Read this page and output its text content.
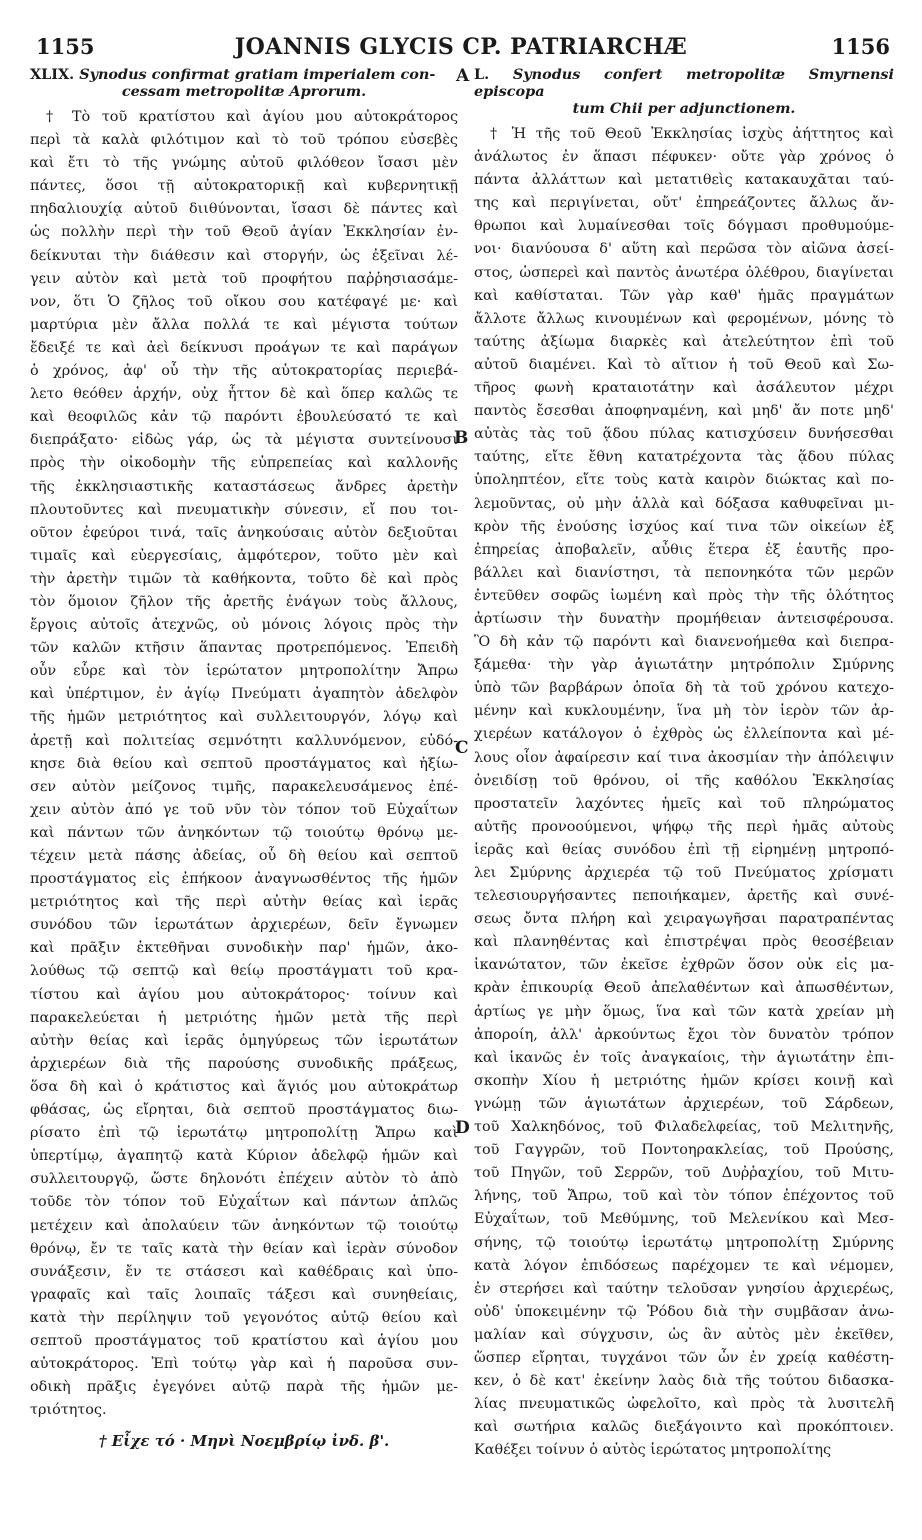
1155	JOANNIS GLYCIS CP. PATRIARCHÆ	1156
XLIX. Synodus confirmat gratiam imperialem con-
cessam metropolitæ Aprorum.
† Τὸ τοῦ κρατίστου καὶ ἁγίου μου αὐτοκράτορος
περὶ τὰ καλὰ φιλότιμον καὶ τὸ τοῦ τρόπου εὐσεβὲς
καὶ ἔτι τὸ τῆς γνώμης αὐτοῦ φιλόθεον ἴσασι μὲν
πάντες, ὅσοι τῇ αὐτοκρατορικῇ καὶ κυβερνητικῇ
πηδαλιουχίᾳ αὐτοῦ διιθύνονται, ἴσασι δὲ πάντες καὶ
ὡς πολλὴν περὶ τὴν τοῦ Θεοῦ ἁγίαν Ἐκκλησίαν ἐν-
δείκνυται τὴν διάθεσιν καὶ στοργήν, ὡς ἐξεῖναι λέ-
γειν αὐτὸν καὶ μετὰ τοῦ προφήτου παῤῥησιασάμε-
νον, ὅτι Ὁ ζῆλος τοῦ οἴκου σου κατέφαγέ με· καὶ
μαρτύρια μὲν ἄλλα πολλά τε καὶ μέγιστα τούτων
ἔδειξέ τε καὶ ἀεὶ δείκνυσι προάγων τε καὶ παράγων
ὁ χρόνος, ἀφ' οὗ τὴν τῆς αὐτοκρατορίας περιεβά-
λετο θεόθεν ἀρχήν, οὐχ ἧττον δὲ καὶ ὅπερ καλῶς τε
καὶ θεοφιλῶς κἀν τῷ παρόντι ἐβουλεύσατό τε καὶ
διεπράξατο· εἰδὼς γάρ, ὡς τὰ μέγιστα συντείνουσι
πρὸς τὴν οἰκοδομὴν τῆς εὐπρεπείας καὶ καλλονῆς
τῆς ἐκκλησιαστικῆς καταστάσεως ἄνδρες ἀρετὴν
πλουτοῦντες καὶ πνευματικὴν σύνεσιν, εἴ που τοι-
οῦτον ἐφεύροι τινά, ταῖς ἀνηκούσαις αὐτὸν δεξιοῦται
τιμαῖς καὶ εὐεργεσίαις, ἀμφότερον, τοῦτο μὲν καὶ
τὴν ἀρετὴν τιμῶν τὰ καθήκοντα, τοῦτο δὲ καὶ πρὸς
τὸν ὅμοιον ζῆλον τῆς ἀρετῆς ἐνάγων τοὺς ἄλλους,
ἔργοις αὐτοῖς ἀτεχνῶς, οὐ μόνοις λόγοις πρὸς τὴν
τῶν καλῶν κτῆσιν ἅπαντας προτρεπόμενος. Ἐπειδὴ
οὖν εὗρε καὶ τὸν ἱερώτατον μητροπολίτην Ἄπρω
καὶ ὑπέρτιμον, ἐν ἁγίῳ Πνεύματι ἀγαπητὸν ἀδελφὸν
τῆς ἡμῶν μετριότητος καὶ συλλειτουργόν, λόγῳ καὶ
ἀρετῇ καὶ πολιτείας σεμνότητι καλλυνόμενον, εὐδό-
κησε διὰ θείου καὶ σεπτοῦ προστάγματος καὶ ἠξίω-
σεν αὐτὸν μείζονος τιμῆς, παρακελευσάμενος ἐπέ-
χειν αὐτὸν ἀπό γε τοῦ νῦν τὸν τόπον τοῦ Εὐχαΐτων
καὶ πάντων τῶν ἀνηκόντων τῷ τοιούτῳ θρόνῳ με-
τέχειν μετὰ πάσης ἀδείας, οὗ δὴ θείου καὶ σεπτοῦ
προστάγματος εἰς ἐπήκοον ἀναγνωσθέντος τῆς ἡμῶν
μετριότητος καὶ τῆς περὶ αὐτὴν θείας καὶ ἱερᾶς
συνόδου τῶν ἱερωτάτων ἀρχιερέων, δεῖν ἔγνωμεν
καὶ πρᾶξιν ἐκτεθῆναι συνοδικὴν παρ' ἡμῶν, ἀκο-
λούθως τῷ σεπτῷ καὶ θείῳ προστάγματι τοῦ κρα-
τίστου καὶ ἁγίου μου αὐτοκράτορος· τοίνυν καὶ
παρακελεύεται ἡ μετριότης ἡμῶν μετὰ τῆς περὶ
αὐτὴν θείας καὶ ἱερᾶς ὁμηγύρεως τῶν ἱερωτάτων
ἀρχιερέων διὰ τῆς παρούσης συνοδικῆς πράξεως,
ὅσα δὴ καὶ ὁ κράτιστος καὶ ἅγιός μου αὐτοκράτωρ
φθάσας, ὡς εἴρηται, διὰ σεπτοῦ προστάγματος διω-
ρίσατο ἐπὶ τῷ ἱερωτάτῳ μητροπολίτῃ Ἄπρω καὶ
ὑπερτίμῳ, ἀγαπητῷ κατὰ Κύριον ἀδελφῷ ἡμῶν καὶ
συλλειτουργῷ, ὥστε δηλονότι ἐπέχειν αὐτὸν τὸ ἀπὸ
τοῦδε τὸν τόπον τοῦ Εὐχαΐτων καὶ πάντων ἁπλῶς
μετέχειν καὶ ἀπολαύειν τῶν ἀνηκόντων τῷ τοιούτῳ
θρόνῳ, ἔν τε ταῖς κατὰ τὴν θείαν καὶ ἱερὰν σύνοδον
συνάξεσιν, ἔν τε στάσεσι καὶ καθέδραις καὶ ὑπο-
γραφαῖς καὶ ταῖς λοιπαῖς τάξεσι καὶ συνηθείαις,
κατὰ τὴν περίληψιν τοῦ γεγονότος αὐτῷ θείου καὶ
σεπτοῦ προστάγματος τοῦ κρατίστου καὶ ἁγίου μου
αὐτοκράτορος. Ἐπὶ τούτῳ γὰρ καὶ ἡ παροῦσα συν-
οδικὴ πρᾶξις ἐγεγόνει αὐτῷ παρὰ τῆς ἡμῶν με-
τριότητος.
† Εἶχε τό · Μηνὶ Νοεμβρίῳ ἰνδ. β'.
L. Synodus confert metropolitæ Smyrnensi episcopa
tum Chii per adjunctionem.
† Ἡ τῆς τοῦ Θεοῦ Ἐκκλησίας ἰσχὺς ἀήττητος καὶ
ἀνάλωτος ἐν ἅπασι πέφυκεν· οὔτε γὰρ χρόνος ὁ
πάντα ἀλλάττων καὶ μετατιθεὶς κατακαυχᾶται ταύ-
της καὶ περιγίνεται, οὔτ' ἐπηρεάζοντες ἄλλως ἄν-
θρωποι καὶ λυμαίνεσθαι τοῖς δόγμασι προθυμούμε-
νοι· διανύουσα δ' αὕτη καὶ περῶσα τὸν αἰῶνα ἀσεί-
στος, ὡσπερεὶ καὶ παντὸς ἀνωτέρα ὀλέθρου, διαγίνεται
καὶ καθίσταται. Τῶν γὰρ καθ' ἡμᾶς πραγμάτων
ἄλλοτε ἄλλως κινουμένων καὶ φερομένων, μόνης τὸ
ταύτης ἀξίωμα διαρκὲς καὶ ἀτελεύτητον ἐπὶ τοῦ
αὐτοῦ διαμένει. Καὶ τὸ αἴτιον ἡ τοῦ Θεοῦ καὶ Σω-
τῆρος φωνὴ κραταιοτάτην καὶ ἀσάλευτον μέχρι
παντὸς ἔσεσθαι ἀποφηναμένη, καὶ μηδ' ἄν ποτε μηδ'
αὐτὰς τὰς τοῦ ᾅδου πύλας κατισχύσειν δυνήσεσθαι
ταύτης, εἴτε ἔθνη κατατρέχοντα τὰς ᾅδου πύλας
ὑποληπτέον, εἴτε τοὺς κατὰ καιρὸν διώκτας καὶ πο-
λεμοῦντας, οὐ μὴν ἀλλὰ καὶ δόξασα καθυφεῖναι μι-
κρὸν τῆς ἑνούσης ἰσχύος καί τινα τῶν οἰκείων ἐξ
ἐπηρείας ἀποβαλεῖν, αὖθις ἕτερα ἐξ ἑαυτῆς προ-
βάλλει καὶ διανίστησι, τὰ πεπονηκότα τῶν μερῶν
ἐντεῦθεν σοφῶς ἰωμένη καὶ πρὸς τὴν τῆς ὁλότητος
ἀρτίωσιν τὴν δυνατὴν προμήθειαν ἀντεισφέρουσα.
Ὃ δὴ κἀν τῷ παρόντι καὶ διανενοήμεθα καὶ διεπρα-
ξάμεθα· τὴν γὰρ ἁγιωτάτην μητρόπολιν Σμύρνης
ὑπὸ τῶν βαρβάρων ὁποῖα δὴ τὰ τοῦ χρόνου κατεχο-
μένην καὶ κυκλουμένην, ἵνα μὴ τὸν ἱερὸν τῶν ἀρ-
χιερέων κατάλογον ὁ ἐχθρὸς ὡς ἐλλείποντα καὶ μέ-
λους οἷον ἀφαίρεσιν καί τινα ἀκοσμίαν τὴν ἀπόλειψιν
ὀνειδίσῃ τοῦ θρόνου, οἱ τῆς καθόλου Ἐκκλησίας
προστατεῖν λαχόντες ἡμεῖς καὶ τοῦ πληρώματος
αὐτῆς προνοούμενοι, ψήφῳ τῆς περὶ ἡμᾶς αὐτοὺς
ἱερᾶς καὶ θείας συνόδου ἐπὶ τῇ εἰρημένῃ μητροπό-
λει Σμύρνης ἀρχιερέα τῷ τοῦ Πνεύματος χρίσματι
τελεσιουργήσαντες πεποιήκαμεν, ἀρετῆς καὶ συνέ-
σεως ὄντα πλήρη καὶ χειραγωγῆσαι παρατραπέντας
καὶ πλανηθέντας καὶ ἐπιστρέψαι πρὸς θεοσέβειαν
ἱκανώτατον, τῶν ἐκεῖσε ἐχθρῶν ὅσον οὐκ εἰς μα-
κρὰν ἐπικουρίᾳ Θεοῦ ἀπελαθέντων καὶ ἀπωσθέντων,
ἀρτίως γε μὴν ὅμως, ἵνα καὶ τῶν κατὰ χρείαν μὴ
ἀπορoίη, ἀλλ' ἀρκούντως ἔχοι τὸν δυνατὸν τρόπον
καὶ ἱκανῶς ἐν τοῖς ἀναγκαίοις, τὴν ἁγιωτάτην ἐπι-
σκοπὴν Χίου ἡ μετριότης ἡμῶν κρίσει κοινῇ καὶ
γνώμῃ τῶν ἁγιωτάτων ἀρχιερέων, τοῦ Σάρδεων,
τοῦ Χαλκηδόνος, τοῦ Φιλαδελφείας, τοῦ Μελιτηνῆς,
τοῦ Γαγγρῶν, τοῦ Ποντοηρακλείας, τοῦ Προύσης,
τοῦ Πηγῶν, τοῦ Σερρῶν, τοῦ Δυῤῥαχίου, τοῦ Μιτυ-
λήνης, τοῦ Ἄπρω, τοῦ καὶ τὸν τόπον ἐπέχοντος τοῦ
Εὐχαΐτων, τοῦ Μεθύμνης, τοῦ Μελενίκου καὶ Μεσ-
σήνης, τῷ τοιούτῳ ἱερωτάτῳ μητροπολίτῃ Σμύρνης
κατὰ λόγον ἐπιδόσεως παρέχομεν τε καὶ νέμομεν,
ἐν στερήσει καὶ ταύτην τελοῦσαν γνησίου ἀρχιερέως,
οὐδ' ὑποκειμένην τῷ Ῥόδου διὰ τὴν συμβᾶσαν ἀνω-
μαλίαν καὶ σύγχυσιν, ὡς ἂν αὐτὸς μὲν ἐκεῖθεν,
ὥσπερ εἴρηται, τυγχάνοι τῶν ὧν ἐν χρείᾳ καθέστη-
κεν, ὁ δὲ κατ' ἐκείνην λαὸς διὰ τῆς τούτου διδασκα-
λίας πνευματικῶς ὠφελοῖτο, καὶ πρὸς τὰ λυσιτελῆ
καὶ σωτήρια καλῶς διεξάγοιντο καὶ προκόπτοιεν.
Καθέξει τοίνυν ὁ αὐτὸς ἱερώτατος μητροπολίτης
A
B
C
D
